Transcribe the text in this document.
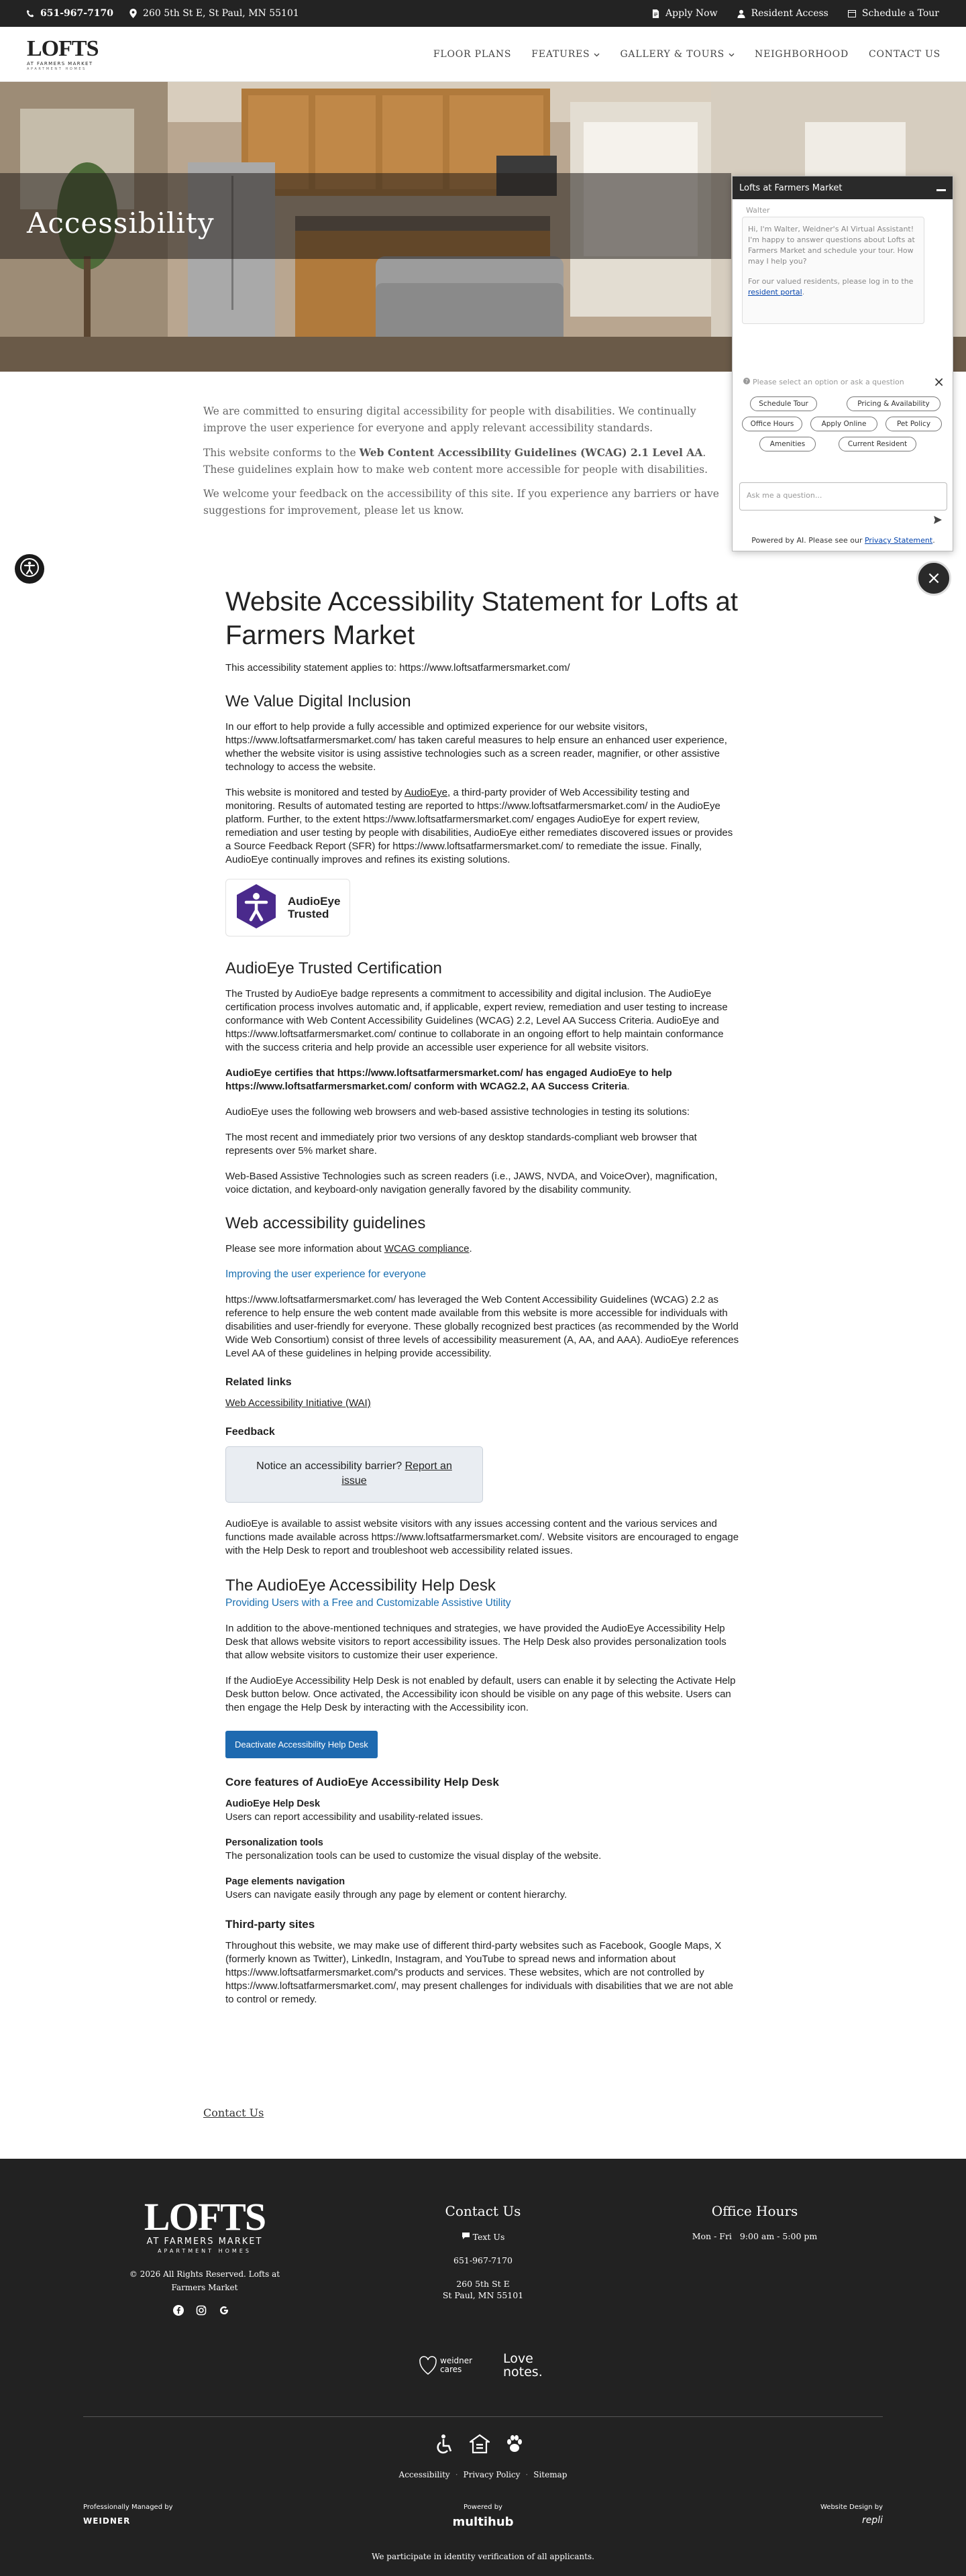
651-967-7170	260 5th St E, St Paul, MN 55101	Apply Now	Resident Access	Schedule a Tour
LOFTS
AT FARMERS MARKET
APARTMENT HOMES
FLOOR PLANS FEATURES	GALLERY & TOURS	NEIGHBORHOOD CONTACT US
Accessibility

We are committed to ensuring digital accessibility for people with disabilities. We continually improve the user experience for everyone and apply relevant accessibility standards.

This website conforms to the Web Content Accessibility Guidelines (WCAG) 2.1 Level AA. These guidelines explain how to make web content more accessible for people with disabilities.

We welcome your feedback on the accessibility of this site. If you experience any barriers or have suggestions for improvement, please let us know.

Lofts at Farmers Market
Walter
Hi, I'm Walter, Weidner's AI Virtual Assistant! I'm happy to answer questions about Lofts at Farmers Market and schedule your tour. How may I help you?
For our valued residents, please log in to the resident portal.
? Please select an option or ask a question ×
Schedule Tour	Pricing & Availability
Office Hours	Apply Online	Pet Policy
Amenities	Current Resident
Ask me a question...
Powered by AI. Please see our Privacy Statement.
×
Website Accessibility Statement for Lofts at Farmers Market

This accessibility statement applies to: https://www.loftsatfarmersmarket.com/

We Value Digital Inclusion

In our effort to help provide a fully accessible and optimized experience for our website visitors, https://www.loftsatfarmersmarket.com/ has taken careful measures to help ensure an enhanced user experience, whether the website visitor is using assistive technologies such as a screen reader, magnifier, or other assistive technology to access the website.

This website is monitored and tested by AudioEye, a third-party provider of Web Accessibility testing and monitoring. Results of automated testing are reported to https://www.loftsatfarmersmarket.com/ in the AudioEye platform. Further, to the extent https://www.loftsatfarmersmarket.com/ engages AudioEye for expert review, remediation and user testing by people with disabilities, AudioEye either remediates discovered issues or provides a Source Feedback Report (SFR) for https://www.loftsatfarmersmarket.com/ to remediate the issue. Finally, AudioEye continually improves and refines its existing solutions.

AudioEye
Trusted
AudioEye Trusted Certification

The Trusted by AudioEye badge represents a commitment to accessibility and digital inclusion. The AudioEye certification process involves automatic and, if applicable, expert review, remediation and user testing to increase conformance with Web Content Accessibility Guidelines (WCAG) 2.2, Level AA Success Criteria. AudioEye and https://www.loftsatfarmersmarket.com/ continue to collaborate in an ongoing effort to help maintain conformance with the success criteria and help provide an accessible user experience for all website visitors.

AudioEye certifies that https://www.loftsatfarmersmarket.com/ has engaged AudioEye to help https://www.loftsatfarmersmarket.com/ conform with WCAG2.2, AA Success Criteria.

AudioEye uses the following web browsers and web-based assistive technologies in testing its solutions:

The most recent and immediately prior two versions of any desktop standards-compliant web browser that represents over 5% market share.

Web-Based Assistive Technologies such as screen readers (i.e., JAWS, NVDA, and VoiceOver), magnification, voice dictation, and keyboard-only navigation generally favored by the disability community.

Web accessibility guidelines

Please see more information about WCAG compliance.

Improving the user experience for everyone

https://www.loftsatfarmersmarket.com/ has leveraged the Web Content Accessibility Guidelines (WCAG) 2.2 as reference to help ensure the web content made available from this website is more accessible for individuals with disabilities and user-friendly for everyone. These globally recognized best practices (as recommended by the World Wide Web Consortium) consist of three levels of accessibility measurement (A, AA, and AAA). AudioEye references Level AA of these guidelines in helping provide accessibility.

Related links

Web Accessibility Initiative (WAI)

Feedback
Notice an accessibility barrier? Report an issue

AudioEye is available to assist website visitors with any issues accessing content and the various services and functions made available across https://www.loftsatfarmersmarket.com/. Website visitors are encouraged to engage with the Help Desk to report and troubleshoot web accessibility related issues.

The AudioEye Accessibility Help Desk

Providing Users with a Free and Customizable Assistive Utility

In addition to the above-mentioned techniques and strategies, we have provided the AudioEye Accessibility Help Desk that allows website visitors to report accessibility issues. The Help Desk also provides personalization tools that allow website visitors to customize their user experience.

If the AudioEye Accessibility Help Desk is not enabled by default, users can enable it by selecting the Activate Help Desk button below. Once activated, the Accessibility icon should be visible on any page of this website. Users can then engage the Help Desk by interacting with the Accessibility icon.

Deactivate Accessibility Help Desk
Core features of AudioEye Accessibility Help Desk
AudioEye Help Desk
Users can report accessibility and usability-related issues.
Personalization tools
The personalization tools can be used to customize the visual display of the website.
Page elements navigation
Users can navigate easily through any page by element or content hierarchy.
Third-party sites

Throughout this website, we may make use of different third-party websites such as Facebook, Google Maps, X (formerly known as Twitter), LinkedIn, Instagram, and YouTube to spread news and information about https://www.loftsatfarmersmarket.com/'s products and services. These websites, which are not controlled by https://www.loftsatfarmersmarket.com/, may present challenges for individuals with disabilities that we are not able to control or remedy.

Contact Us
LOFTS
AT FARMERS MARKET
APARTMENT HOMES
© 2026 All Rights Reserved. Lofts at Farmers Market
Contact Us
Text Us
651-967-7170
260 5th St E
St Paul, MN 55101
Office Hours
Mon - Fri   9:00 am - 5:00 pm
weidner cares
Love
notes.
Accessibility · Privacy Policy · Sitemap
Professionally Managed by
WEIDNER
Powered by
multihub
Website Design by
repli
We participate in identity verification of all applicants.
